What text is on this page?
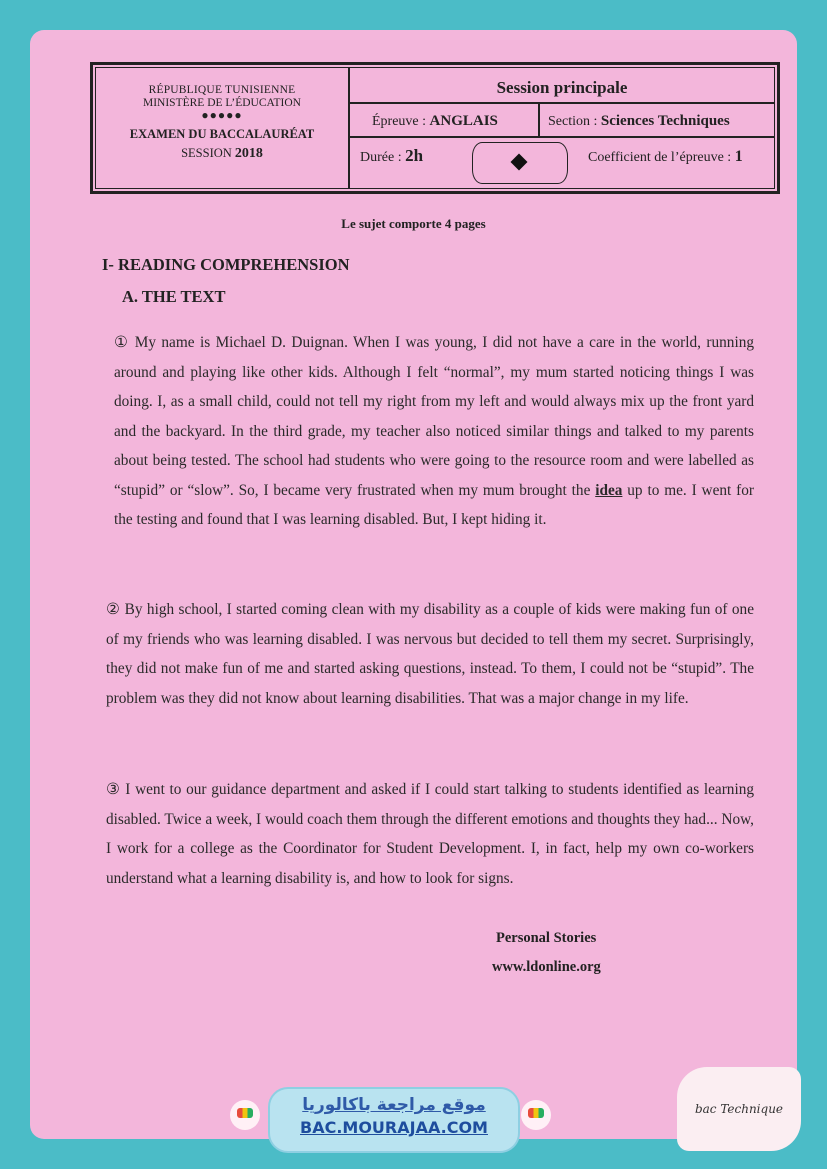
RÉPUBLIQUE TUNISIENNE
MINISTÈRE DE L’ÉDUCATION
●●●●●
EXAMEN DU BACCALAURÉAT
SESSION 2018
Session principale
Épreuve : ANGLAIS	Section : Sciences Techniques
Durée : 2h	Coefficient de l’épreuve : 1
Le sujet comporte 4 pages
I- READING COMPREHENSION
A. THE TEXT

① My name is Michael D. Duignan. When I was young, I did not have a care in the world, running around and playing like other kids. Although I felt “normal”, my mum started noticing things I was doing. I, as a small child, could not tell my right from my left and would always mix up the front yard and the backyard. In the third grade, my teacher also noticed similar things and talked to my parents about being tested. The school had students who were going to the resource room and were labelled as “stupid” or “slow”. So, I became very frustrated when my mum brought the idea up to me. I went for the testing and found that I was learning disabled. But, I kept hiding it.

② By high school, I started coming clean with my disability as a couple of kids were making fun of one of my friends who was learning disabled. I was nervous but decided to tell them my secret. Surprisingly, they did not make fun of me and started asking questions, instead. To them, I could not be “stupid”. The problem was they did not know about learning disabilities. That was a major change in my life.

③ I went to our guidance department and asked if I could start talking to students identified as learning disabled. Twice a week, I would coach them through the different emotions and thoughts they had... Now, I work for a college as the Coordinator for Student Development. I, in fact, help my own co-workers understand what a learning disability is, and how to look for signs.

Personal Stories
www.ldonline.org
موقع مراجعة باكالوريا
BAC.MOURAJAA.COM
bac Technique
